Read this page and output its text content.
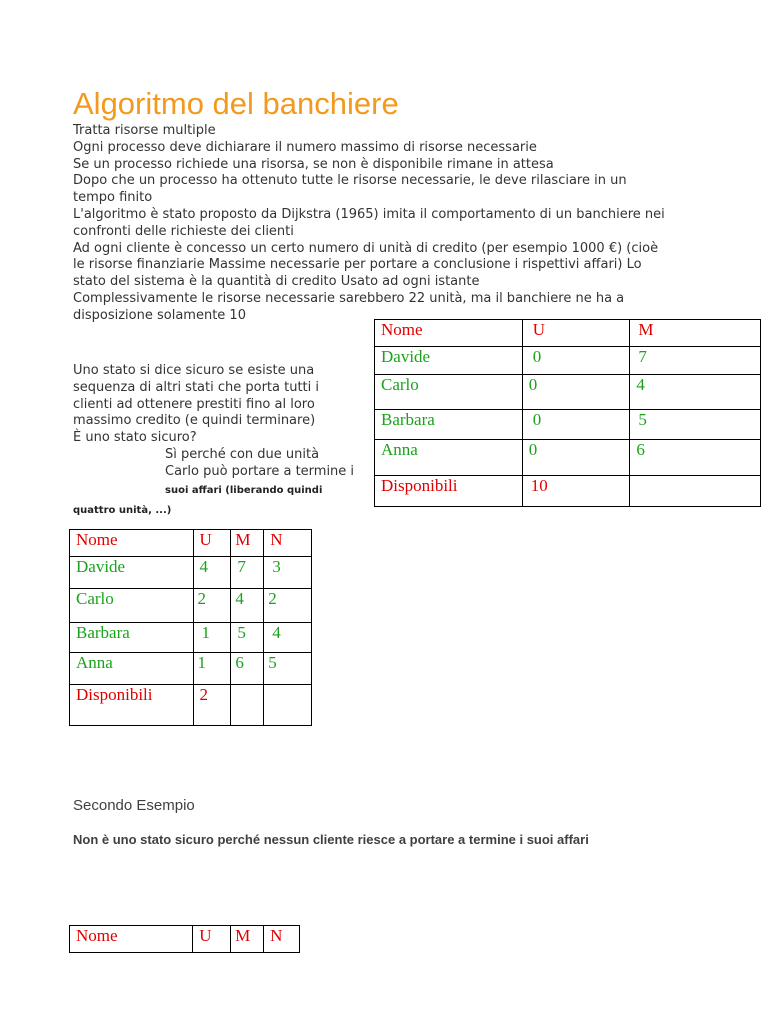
Algoritmo del banchiere
Tratta risorse multiple
Ogni processo deve dichiarare il numero massimo di risorse necessarie
Se un processo richiede una risorsa, se non è disponibile rimane in attesa
Dopo che un processo ha ottenuto tutte le risorse necessarie, le deve rilasciare in un
tempo finito
L'algoritmo è stato proposto da Dijkstra (1965) imita il comportamento di un banchiere nei
confronti delle richieste dei clienti
Ad ogni cliente è concesso un certo numero di unità di credito (per esempio 1000 €) (cioè
le risorse finanziarie Massime necessarie per portare a conclusione i rispettivi affari) Lo
stato del sistema è la quantità di credito Usato ad ogni istante
Complessivamente le risorse necessarie sarebbero 22 unità, ma il banchiere ne ha a
disposizione solamente 10
Uno stato si dice sicuro se esiste una
sequenza di altri stati che porta tutti i
clienti ad ottenere prestiti fino al loro
massimo credito (e quindi terminare)
È uno stato sicuro?
Sì perché con due unità
Carlo può portare a termine i
suoi affari (liberando quindi
quattro unità, ...)
Nome	U	M
Davide	0	7
Carlo	0	4
Barbara	0	5
Anna	0	6
Disponibili	10	
Nome	U	M	N
Davide	4	7	3
Carlo	2	4	2
Barbara	1	5	4
Anna	1	6	5
Disponibili	2		
Secondo Esempio
Non è uno stato sicuro perché nessun cliente riesce a portare a termine i suoi affari
Nome	U	M	N
